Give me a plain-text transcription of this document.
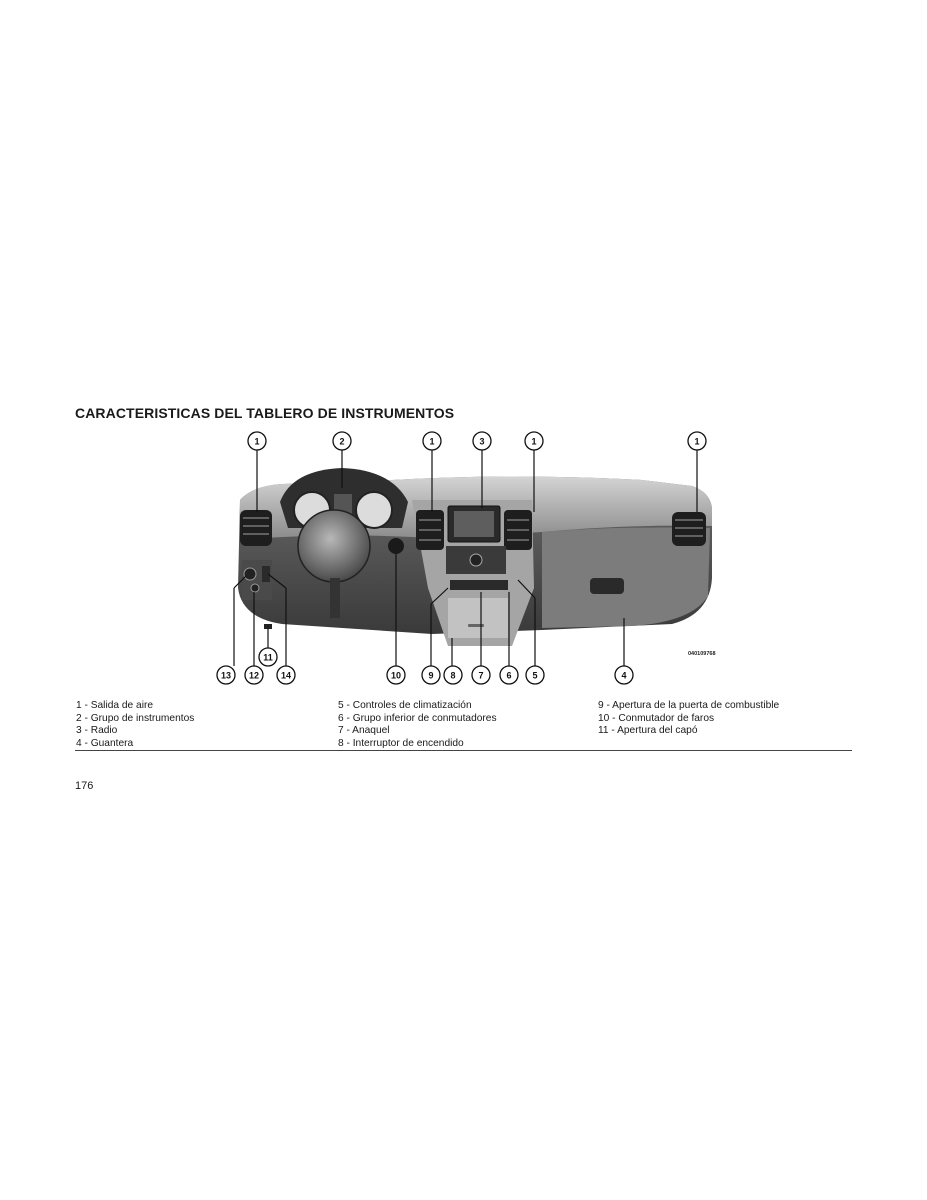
CARACTERISTICAS DEL TABLERO DE INSTRUMENTOS
1	2	1	3	1	1
13 12
11
14	10	9 8	7	6 5	4
040109768
1 - Salida de aire
2 - Grupo de instrumentos
3 - Radio
4 - Guantera
5 - Controles de climatización
6 - Grupo inferior de conmutadores
7 - Anaquel
8 - Interruptor de encendido
9 - Apertura de la puerta de combustible
10 - Conmutador de faros
11 - Apertura del capó
176
